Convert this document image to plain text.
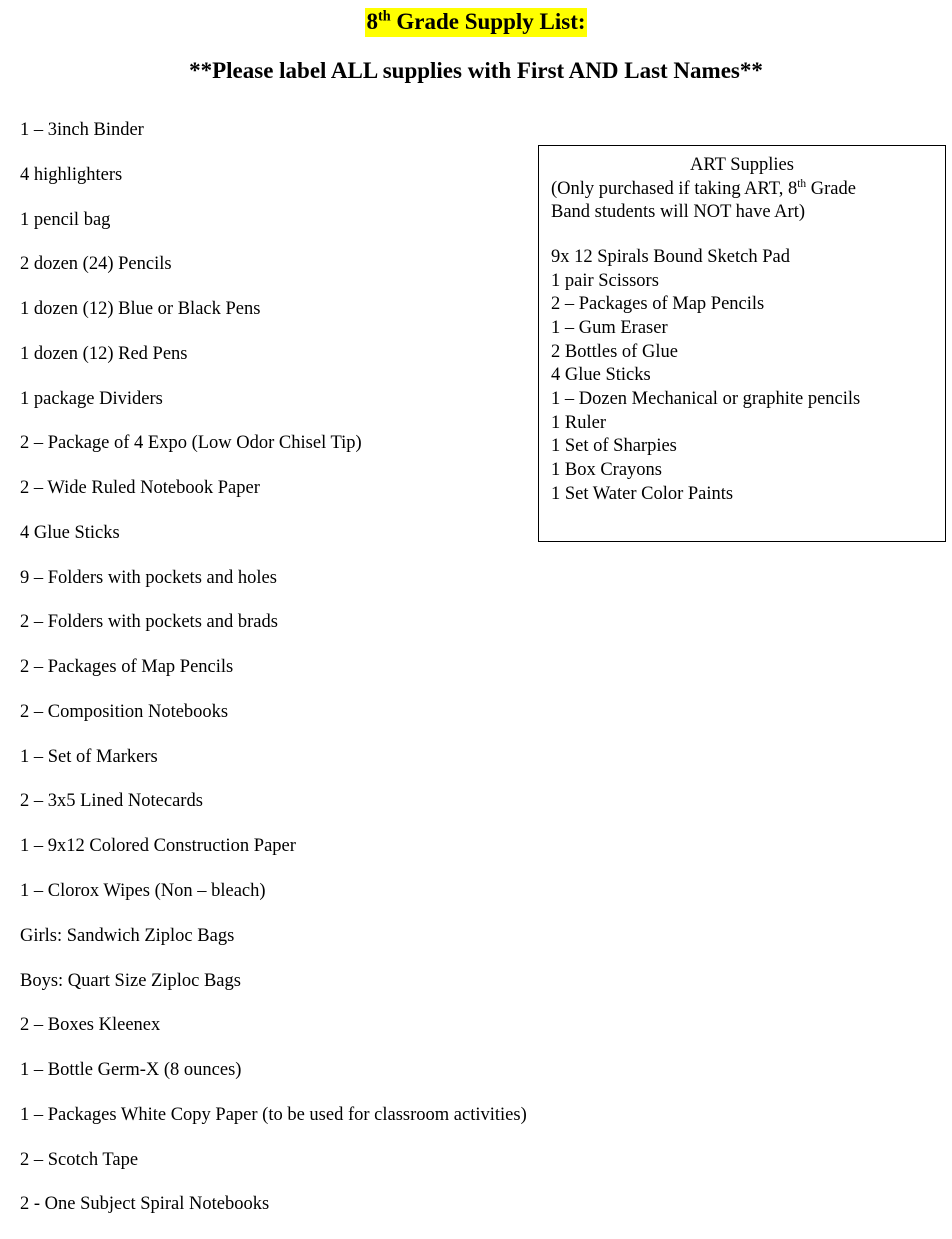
8th Grade Supply List:
**Please label ALL supplies with First AND Last Names**
1 – 3inch Binder
4 highlighters
1 pencil bag
2 dozen (24) Pencils
1 dozen (12) Blue or Black Pens
1 dozen (12) Red Pens
1 package Dividers
2 – Package of 4 Expo (Low Odor Chisel Tip)
2 – Wide Ruled Notebook Paper
4 Glue Sticks
9 – Folders with pockets and holes
2 – Folders with pockets and brads
2 – Packages of Map Pencils
2 – Composition Notebooks
1 – Set of Markers
2 – 3x5 Lined Notecards
1 – 9x12 Colored Construction Paper
1 – Clorox Wipes (Non – bleach)
Girls: Sandwich Ziploc Bags
Boys: Quart Size Ziploc Bags
2 – Boxes Kleenex
1 – Bottle Germ-X (8 ounces)
1 – Packages White Copy Paper (to be used for classroom activities)
2 – Scotch Tape
2 - One Subject Spiral Notebooks
ART Supplies
(Only purchased if taking ART, 8th Grade
Band students will NOT have Art)
9x 12 Spirals Bound Sketch Pad
1 pair Scissors
2 – Packages of Map Pencils
1 – Gum Eraser
2 Bottles of Glue
4 Glue Sticks
1 – Dozen Mechanical or graphite pencils
1 Ruler
1 Set of Sharpies
1 Box Crayons
1 Set Water Color Paints
